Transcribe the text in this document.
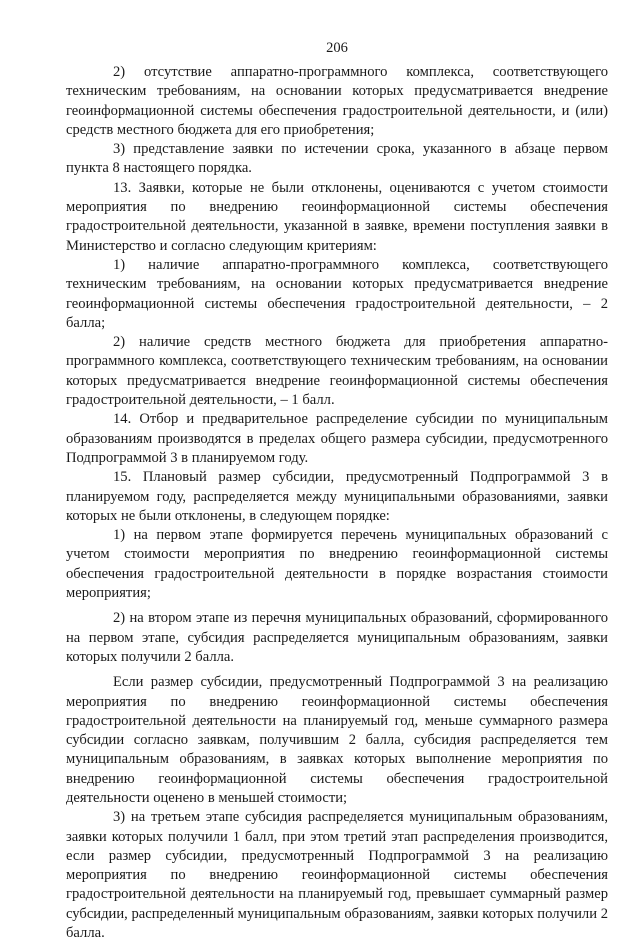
206

2) отсутствие аппаратно-программного комплекса, соответствующего техническим требованиям, на основании которых предусматривается внедрение геоинформационной системы обеспечения градостроительной деятельности, и (или) средств местного бюджета для его приобретения;

3) представление заявки по истечении срока, указанного в абзаце первом пункта 8 настоящего порядка.

13. Заявки, которые не были отклонены, оцениваются с учетом стоимости мероприятия по внедрению геоинформационной системы обеспечения градостроительной деятельности, указанной в заявке, времени поступления заявки в Министерство и согласно следующим критериям:

1) наличие аппаратно-программного комплекса, соответствующего техническим требованиям, на основании которых предусматривается внедрение геоинформационной системы обеспечения градостроительной деятельности, – 2 балла;

2) наличие средств местного бюджета для приобретения аппаратно-программного комплекса, соответствующего техническим требованиям, на основании которых предусматривается внедрение геоинформационной системы обеспечения градостроительной деятельности, – 1 балл.

14. Отбор и предварительное распределение субсидии по муниципальным образованиям производятся в пределах общего размера субсидии, предусмотренного Подпрограммой 3 в планируемом году.

15. Плановый размер субсидии, предусмотренный Подпрограммой 3 в планируемом году, распределяется между муниципальными образованиями, заявки которых не были отклонены, в следующем порядке:

1) на первом этапе формируется перечень муниципальных образований с учетом стоимости мероприятия по внедрению геоинформационной системы обеспечения градостроительной деятельности в порядке возрастания стоимости мероприятия;

2) на втором этапе из перечня муниципальных образований, сформированного на первом этапе, субсидия распределяется муниципальным образованиям, заявки которых получили 2 балла.

Если размер субсидии, предусмотренный Подпрограммой 3 на реализацию мероприятия по внедрению геоинформационной системы обеспечения градостроительной деятельности на планируемый год, меньше суммарного размера субсидии согласно заявкам, получившим 2 балла, субсидия распределяется тем муниципальным образованиям, в заявках которых выполнение мероприятия по внедрению геоинформационной системы обеспечения градостроительной деятельности оценено в меньшей стоимости;

3) на третьем этапе субсидия распределяется муниципальным образованиям, заявки которых получили 1 балл, при этом третий этап распределения производится, если размер субсидии, предусмотренный Подпрограммой 3 на реализацию мероприятия по внедрению геоинформационной системы обеспечения градостроительной деятельности на планируемый год, превышает суммарный размер субсидии, распределенный муниципальным образованиям, заявки которых получили 2 балла.
